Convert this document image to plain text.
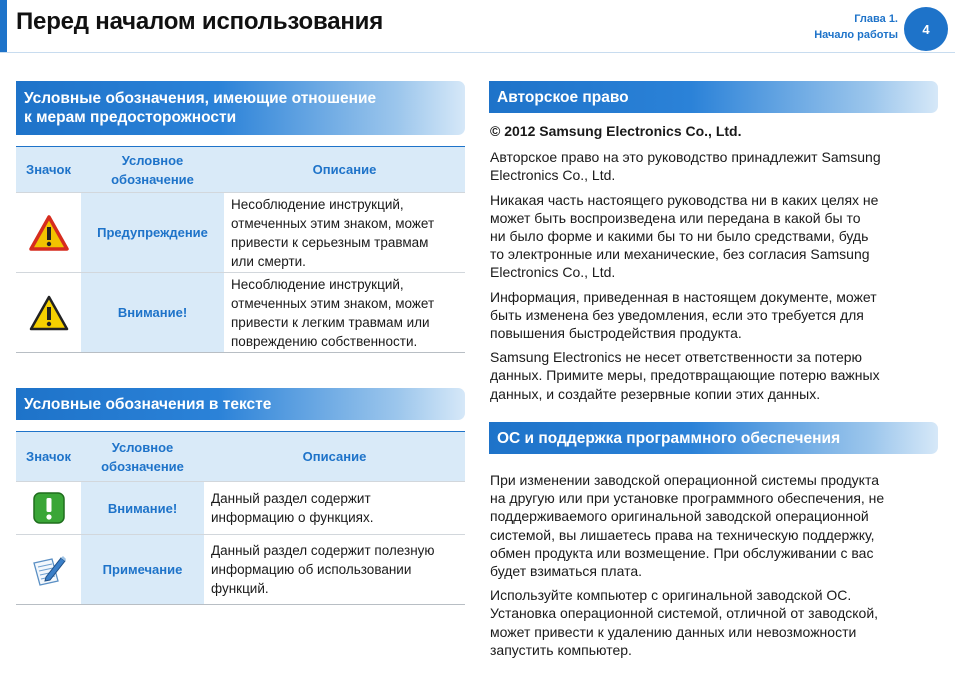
Перед началом использования	Глава 1.
Начало работы	4
Условные обозначения, имеющие отношение
к мерам предосторожности
Значок	Условное
обозначение	Описание
	Предупреждение	Несоблюдение инструкций,
отмеченных этим знаком, может
привести к серьезным травмам
или смерти.

	Внимание!	Несоблюдение инструкций,
отмеченных этим знаком, может
привести к легким травмам или
повреждению собственности.
Условные обозначения в тексте
Значок	Условное
обозначение	Описание
	Внимание!	Данный раздел содержит
информацию о функциях.

	Примечание	Данный раздел содержит полезную
информацию об использовании
функций.
Авторское право

© 2012 Samsung Electronics Co., Ltd.

Авторское право на это руководство принадлежит Samsung
Electronics Co., Ltd.

Никакая часть настоящего руководства ни в каких целях не
может быть воспроизведена или передана в какой бы то
ни было форме и какими бы то ни было средствами, будь
то электронные или механические, без согласия Samsung
Electronics Co., Ltd.

Информация, приведенная в настоящем документе, может
быть изменена без уведомления, если это требуется для
повышения быстродействия продукта.

Samsung Electronics не несет ответственности за потерю
данных. Примите меры, предотвращающие потерю важных
данных, и создайте резервные копии этих данных.

ОС и поддержка программного обеспечения

При изменении заводской операционной системы продукта
на другую или при установке программного обеспечения, не
поддерживаемого оригинальной заводской операционной
системой, вы лишаетесь права на техническую поддержку,
обмен продукта или возмещение. При обслуживании с вас
будет взиматься плата.

Используйте компьютер с оригинальной заводской ОС.
Установка операционной системой, отличной от заводской,
может привести к удалению данных или невозможности
запустить компьютер.
